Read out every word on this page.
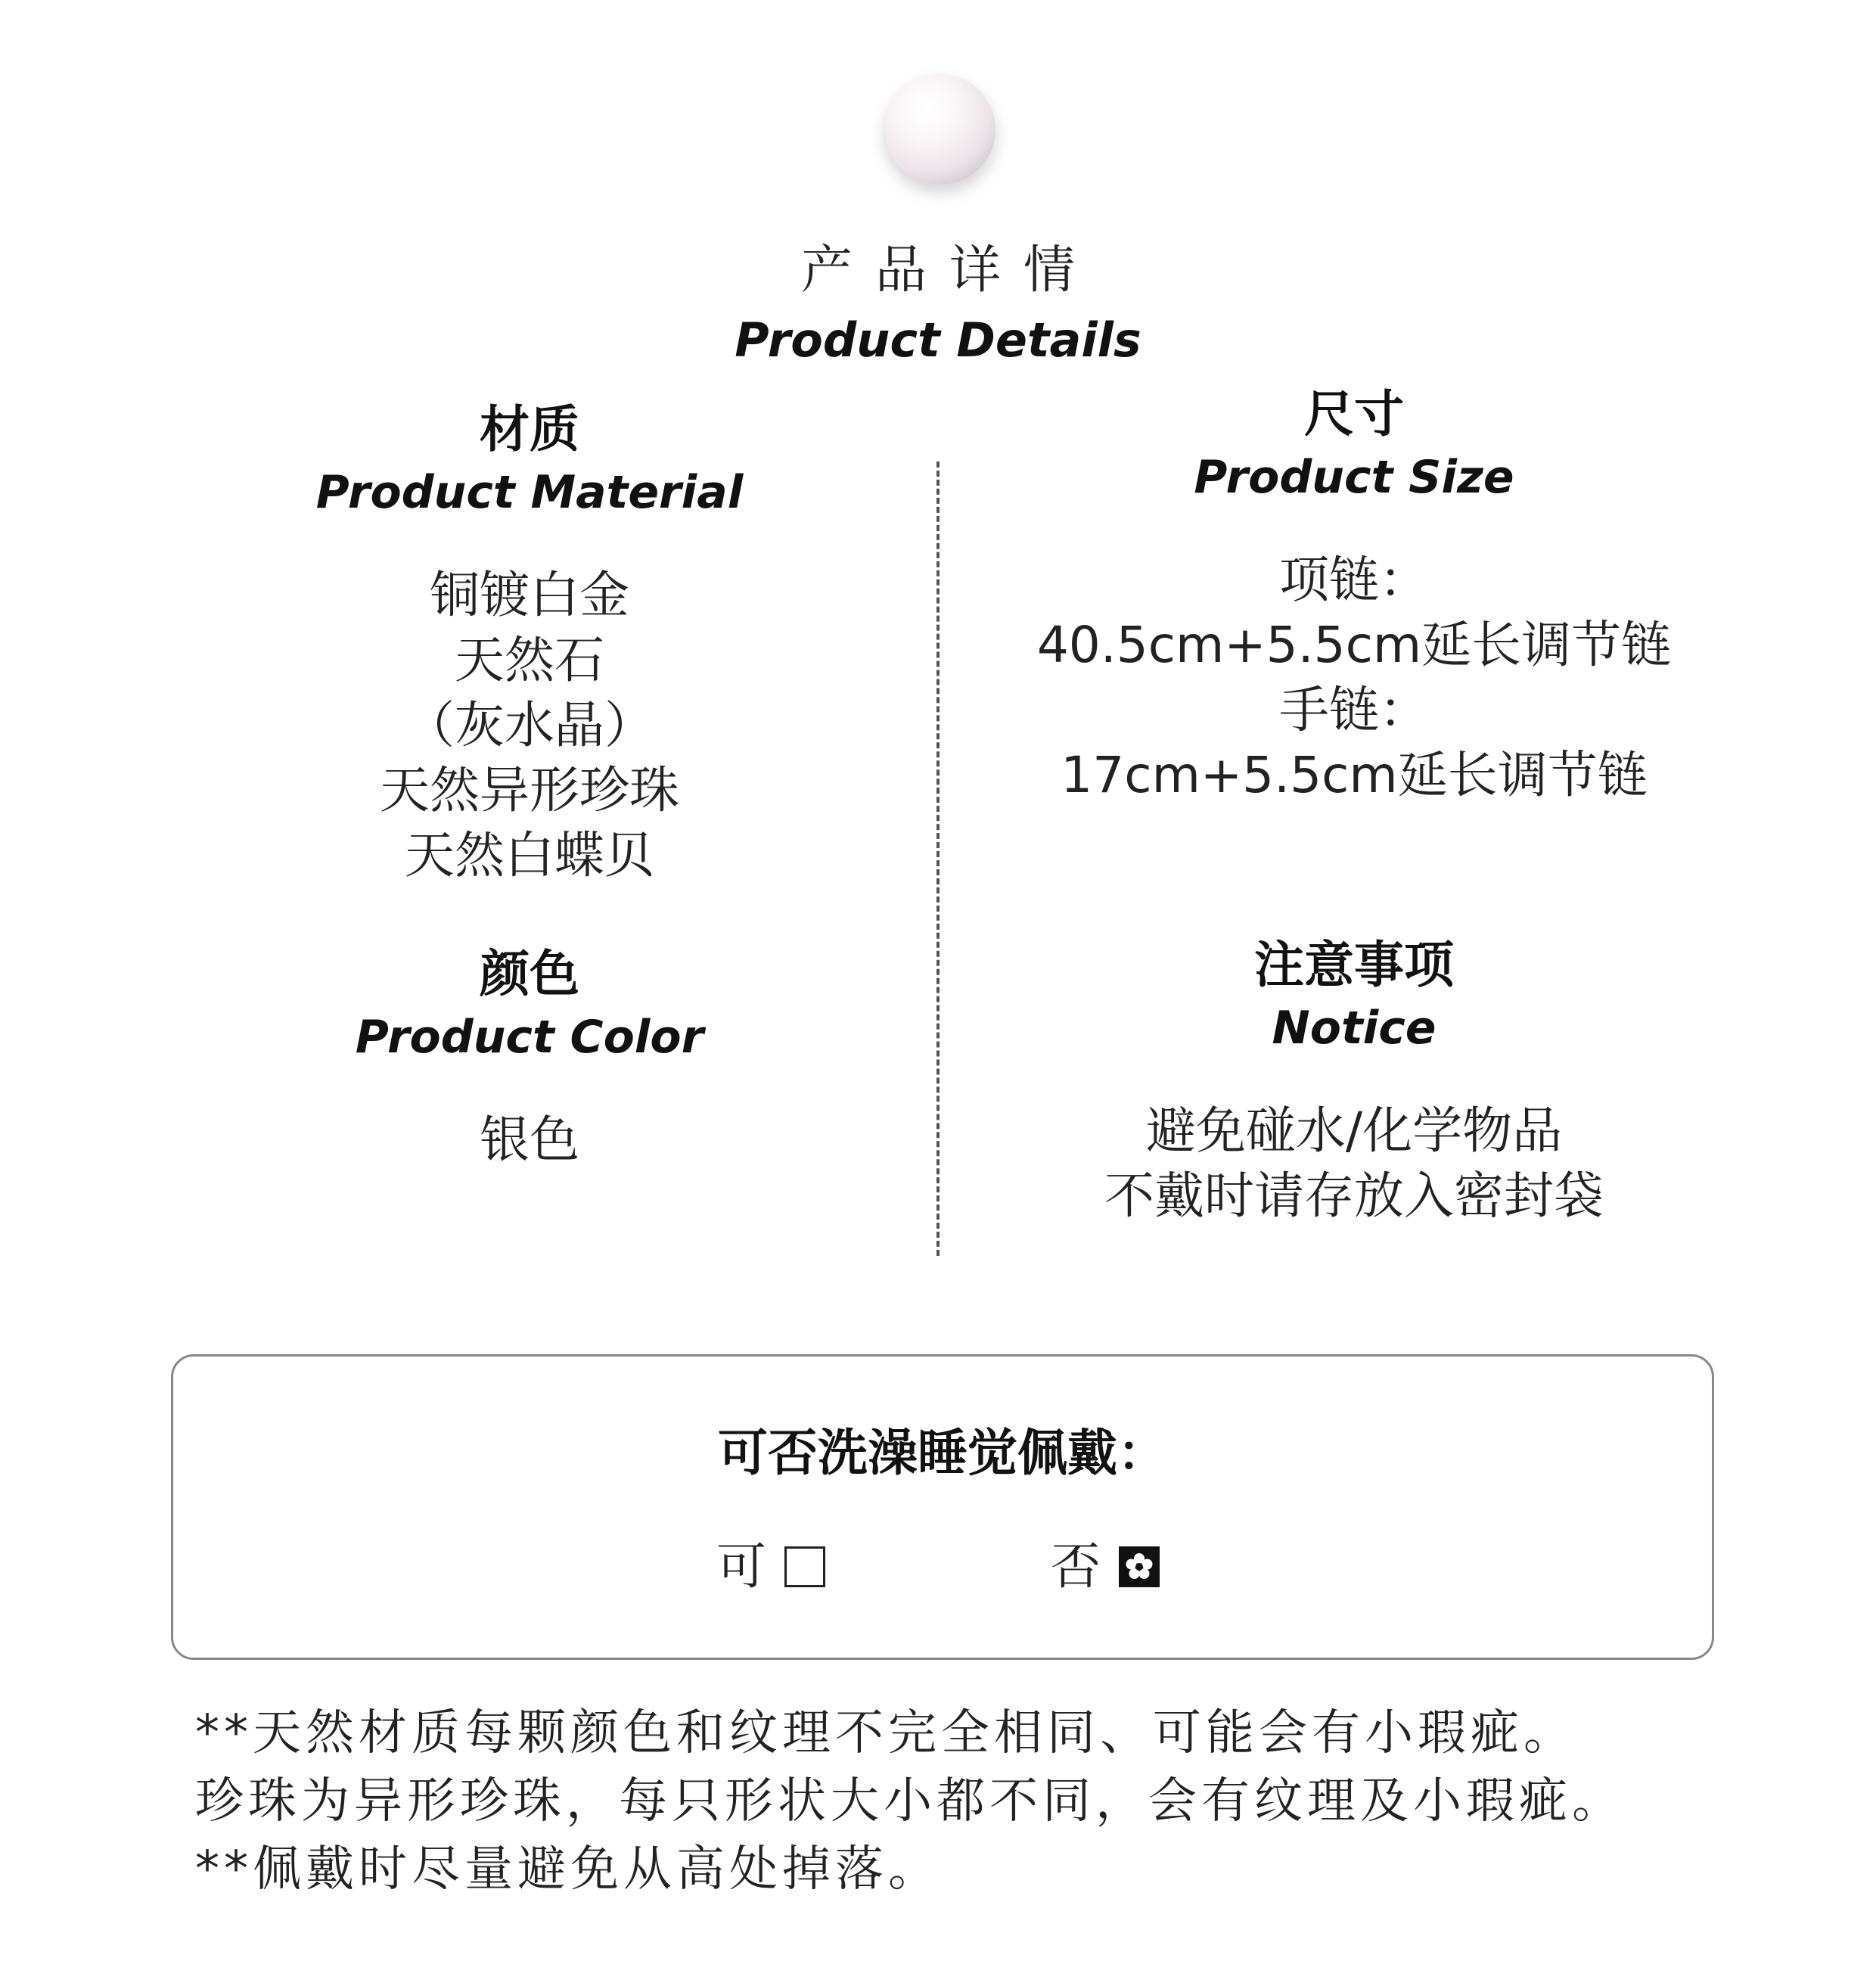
产品详情
Product Details
材质
Product Material
铜镀白金
天然石
（灰水晶）
天然异形珍珠
天然白蝶贝
尺寸
Product Size
项链：
40.5cm+5.5cm延长调节链
手链：
17cm+5.5cm延长调节链
颜色
Product Color
银色
注意事项
Notice
避免碰水/化学物品
不戴时请存放入密封袋
可否洗澡睡觉佩戴：
可	否
**天然材质每颗颜色和纹理不完全相同、可能会有小瑕疵。
珍珠为异形珍珠，每只形状大小都不同，会有纹理及小瑕疵。
**佩戴时尽量避免从高处掉落。
